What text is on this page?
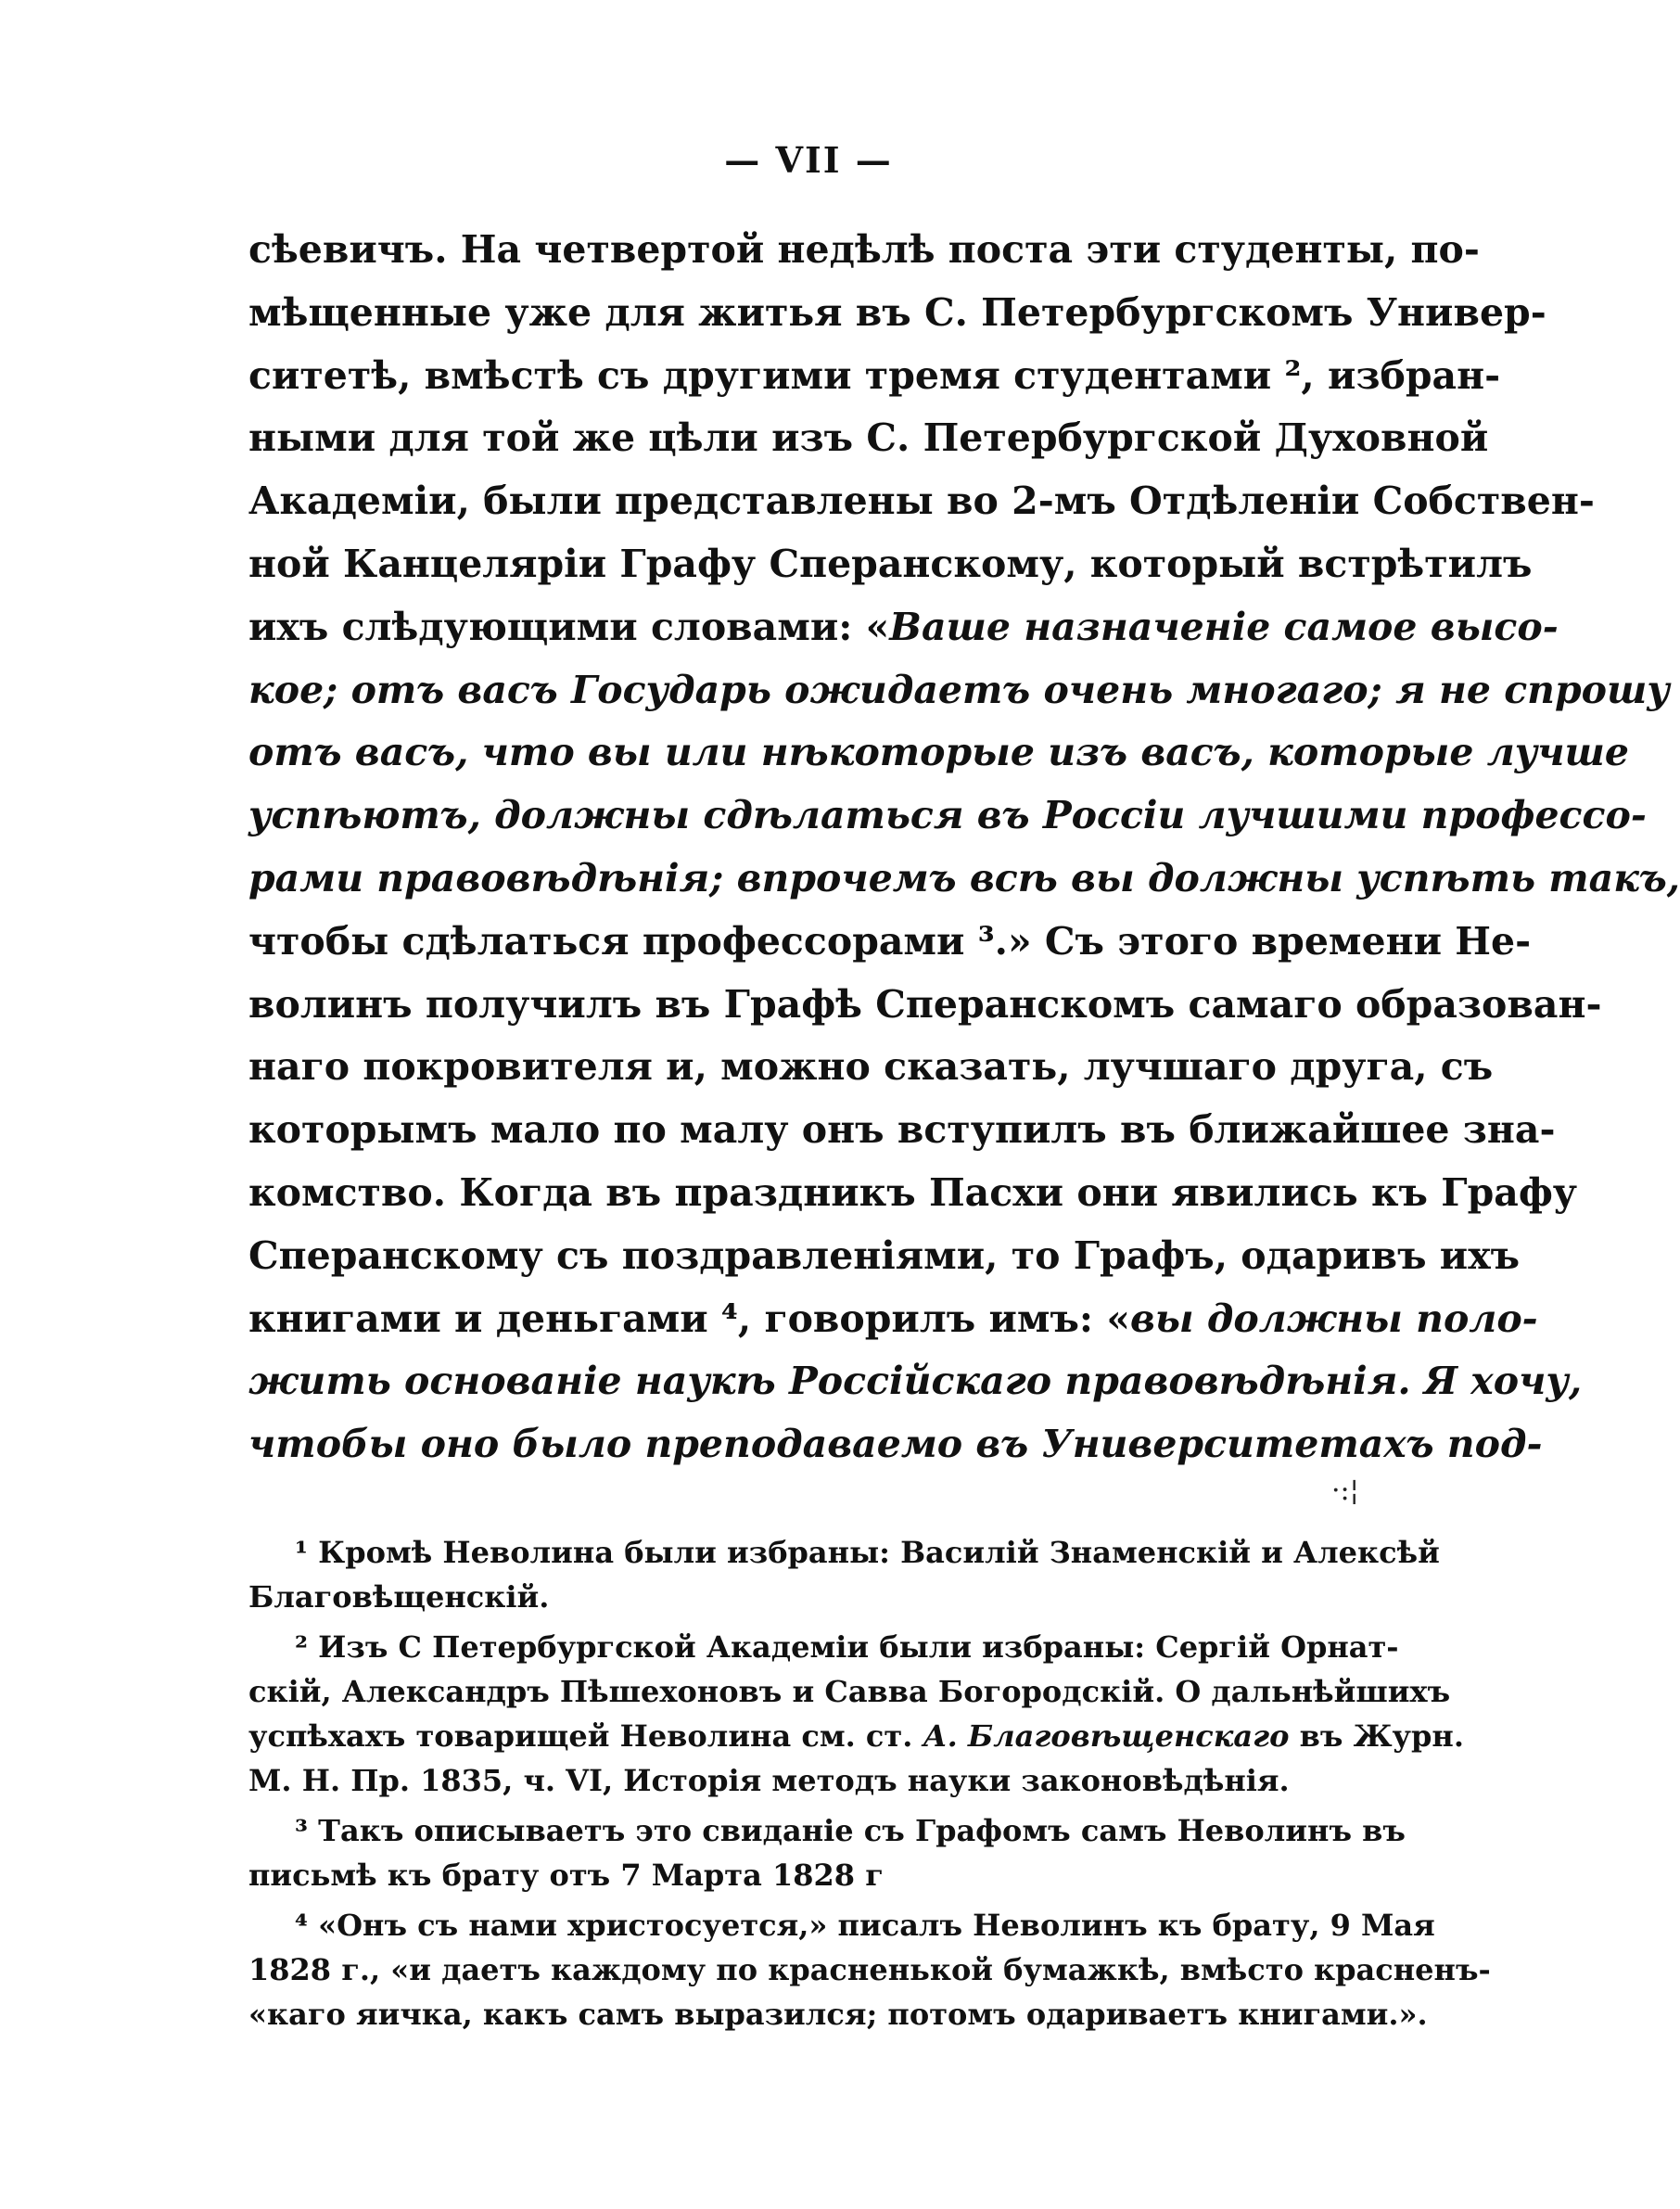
— VII —
сѣевичъ. На четвертой недѣлѣ поста эти студенты, по-
мѣщенные уже для житья въ С. Петербургскомъ Универ-
ситетѣ, вмѣстѣ съ другими тремя студентами ², избран-
ными для той же цѣли изъ С. Петербургской Духовной
Академіи, были представлены во 2-мъ Отдѣленіи Собствен-
ной Канцелярiи Графу Сперанскому, который встрѣтилъ
ихъ слѣдующими словами: «Ваше назначеніе самое высо-
кое; отъ васъ Государь ожидаетъ очень многаго; я не спрошу
отъ васъ, что вы или нѣкоторые изъ васъ, которые лучше
успѣютъ, должны сдѣлаться въ Россіи лучшими профессо-
рами правовѣдѣнія; впрочемъ всѣ вы должны успѣть такъ,
чтобы сдѣлаться профессорами ³.» Съ этого времени Не-
волинъ получилъ въ Графѣ Сперанскомъ самаго образован-
наго покровителя и, можно сказать, лучшаго друга, съ
которымъ мало по малу онъ вступилъ въ ближайшее зна-
комство. Когда въ праздникъ Пасхи они явились къ Графу
Сперанскому съ поздравленіями, то Графъ, одаривъ ихъ
книгами и деньгами ⁴, говорилъ имъ: «вы должны поло-
жить основаніе наукѣ Россійскаго правовѣдѣнія. Я хочу,
чтобы оно было преподаваемо въ Университетахъ под-
·:¦
¹ Кромѣ Неволина были избраны: Василій Знаменскій и Алексѣй
Благовѣщенскій.
² Изъ С Петербургской Академіи были избраны: Сергій Орнат-
скій, Александръ Пѣшехоновъ и Савва Богородскій. О дальнѣйшихъ
успѣхахъ товарищей Неволина см. ст. А. Благовѣщенскаго въ Журн.
М. Н. Пр. 1835, ч. VI, Исторія методъ науки законовѣдѣнія.
³ Такъ описываетъ это свиданіе съ Графомъ самъ Неволинъ въ
письмѣ къ брату отъ 7 Марта 1828 г
⁴ «Онъ съ нами христосуется,» писалъ Неволинъ къ брату, 9 Мая
1828 г., «и даетъ каждому по красненькой бумажкѣ, вмѣсто красненъ-
«каго яичка, какъ самъ выразился; потомъ одариваетъ книгами.».
